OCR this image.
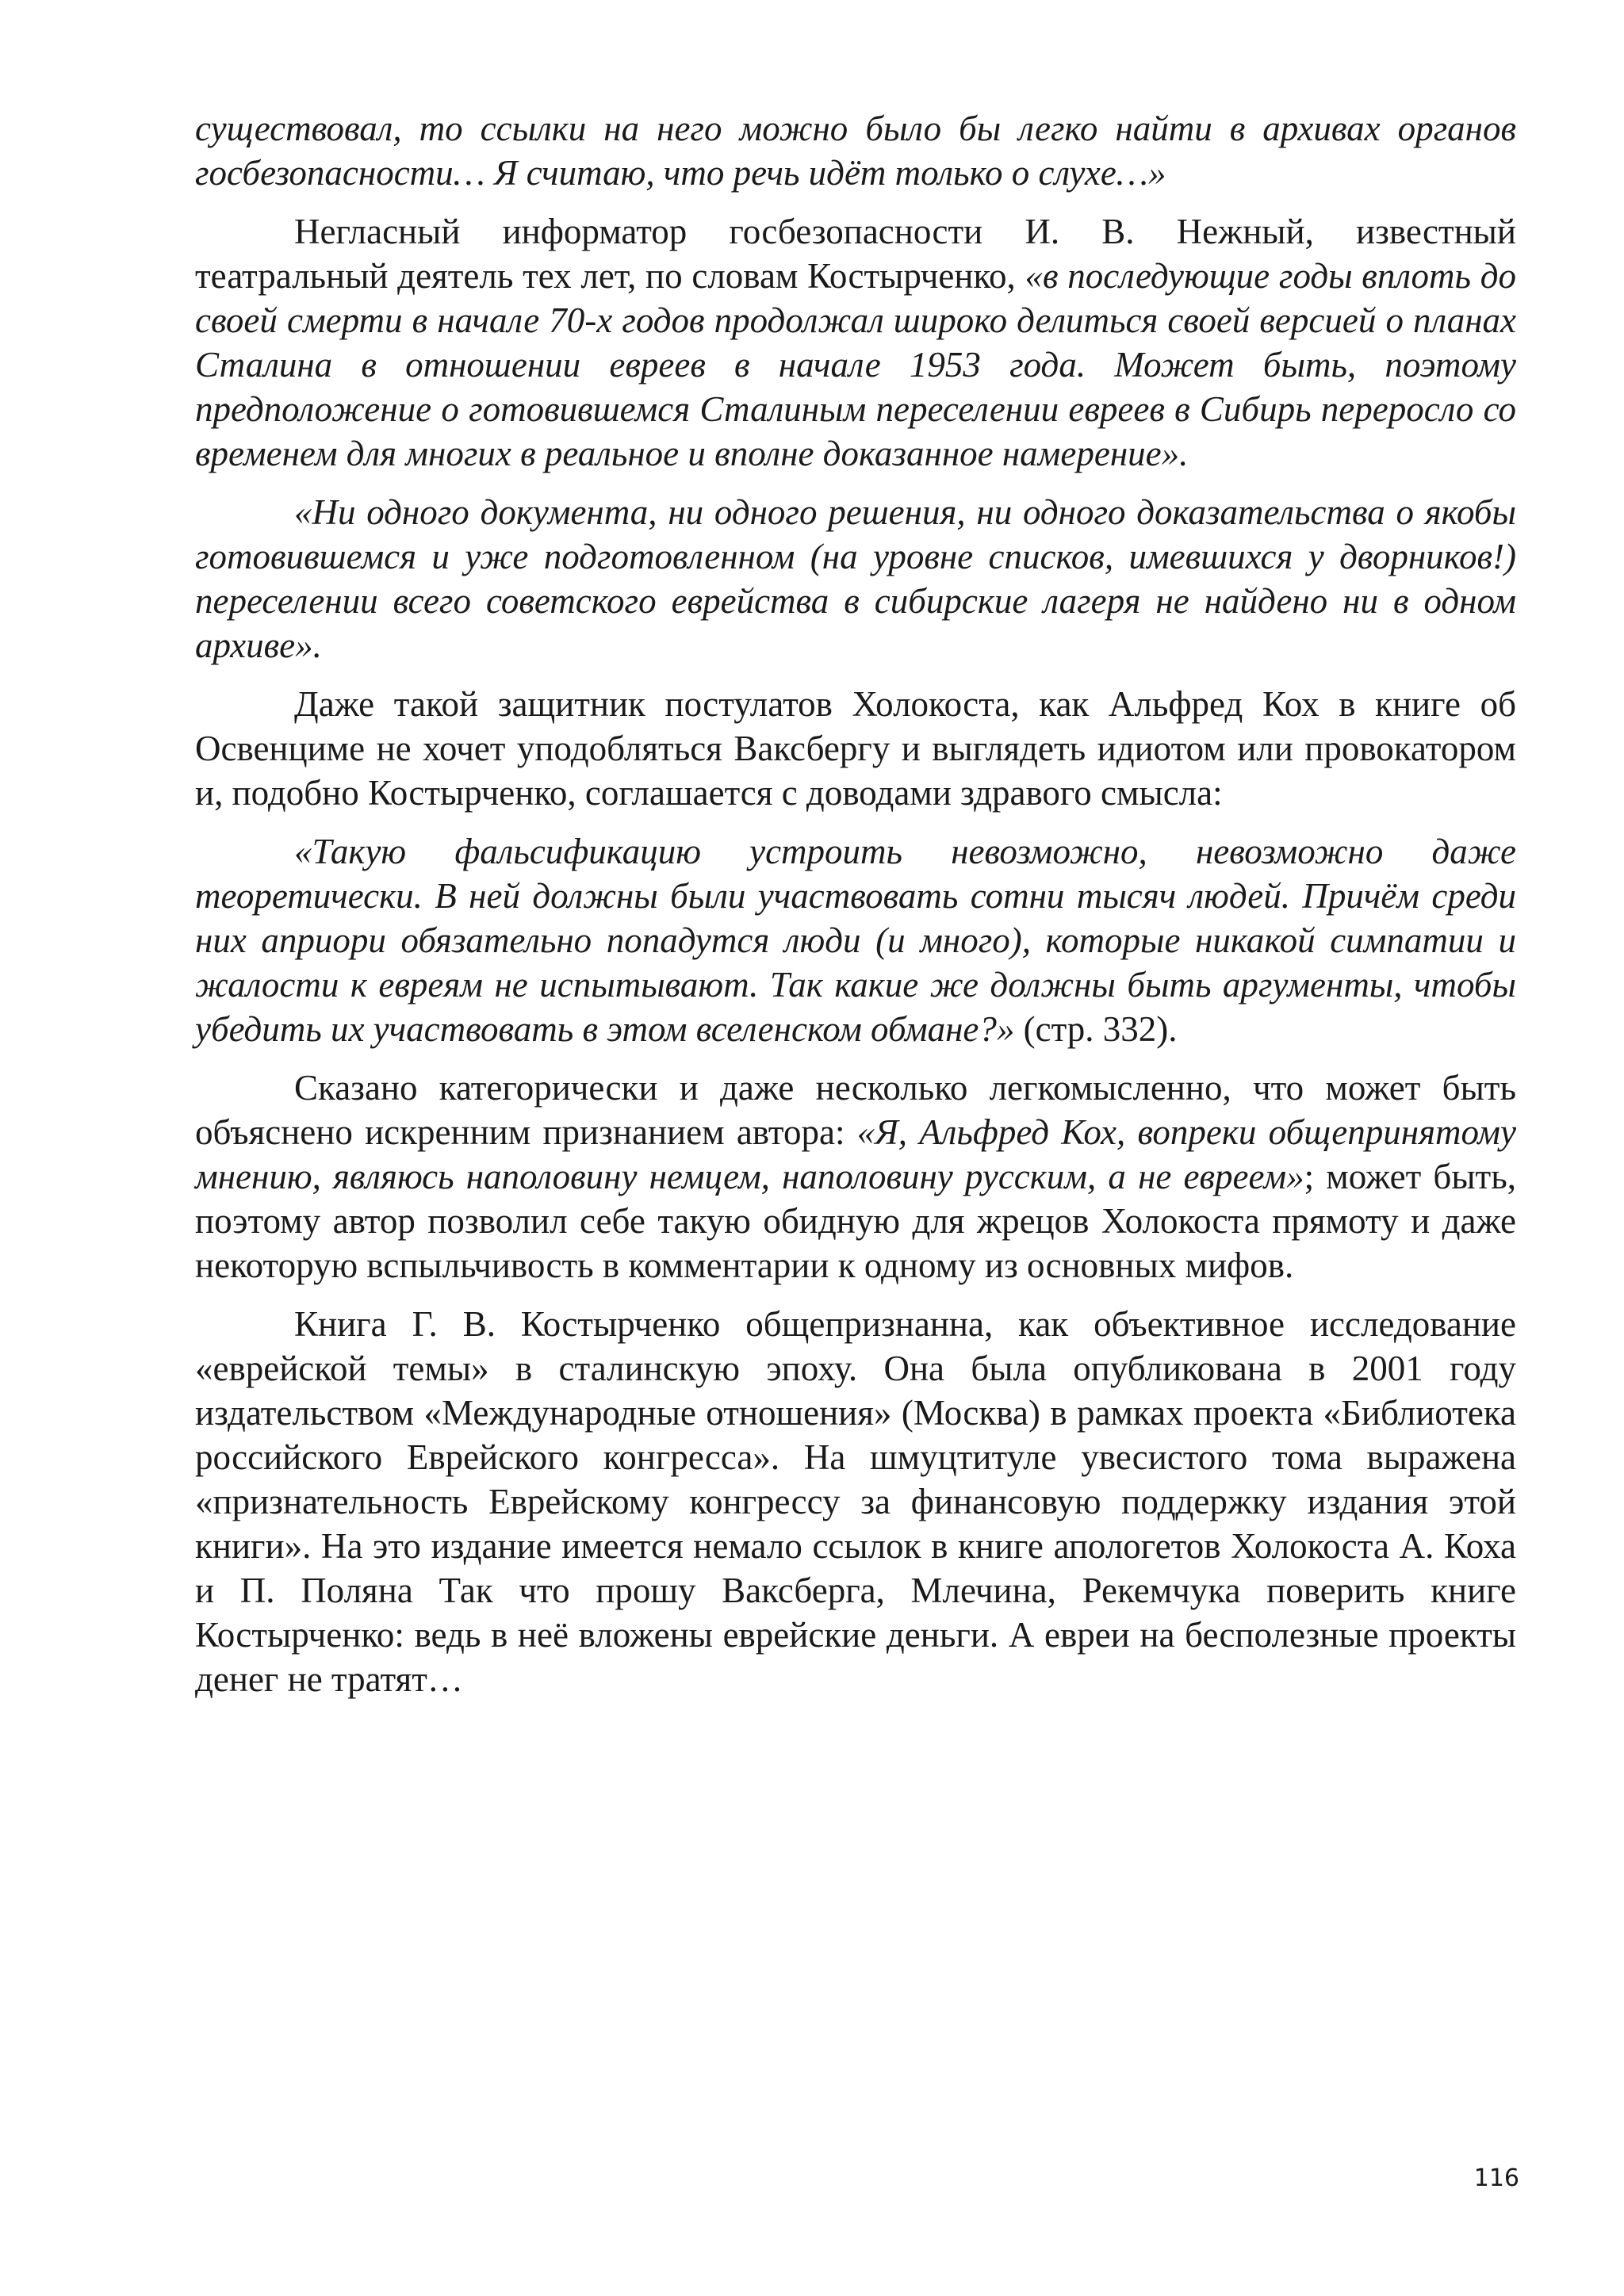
существовал, то ссылки на него можно было бы легко найти в архивах органов госбезопасности… Я считаю, что речь идёт только о слухе…»

Негласный информатор госбезопасности И. В. Нежный, известный театральный деятель тех лет, по словам Костырченко, «в последующие годы вплоть до своей смерти в начале 70-х годов продолжал широко делиться своей версией о планах Сталина в отношении евреев в начале 1953 года. Может быть, поэтому предположение о готовившемся Сталиным переселении евреев в Сибирь переросло со временем для многих в реальное и вполне доказанное намерение».

«Ни одного документа, ни одного решения, ни одного доказательства о якобы готовившемся и уже подготовленном (на уровне списков, имевшихся у дворников!) переселении всего советского еврейства в сибирские лагеря не найдено ни в одном архиве».

Даже такой защитник постулатов Холокоста, как Альфред Кох в книге об Освенциме не хочет уподобляться Ваксбергу и выглядеть идиотом или провокатором и, подобно Костырченко, соглашается с доводами здравого смысла:

«Такую фальсификацию устроить невозможно, невозможно даже теоретически. В ней должны были участвовать сотни тысяч людей. Причём среди них априори обязательно попадутся люди (и много), которые никакой симпатии и жалости к евреям не испытывают. Так какие же должны быть аргументы, чтобы убедить их участвовать в этом вселенском обмане?» (стр. 332).

Сказано категорически и даже несколько легкомысленно, что может быть объяснено искренним признанием автора: «Я, Альфред Кох, вопреки общепринятому мнению, являюсь наполовину немцем, наполовину русским, а не евреем»; может быть, поэтому автор позволил себе такую обидную для жрецов Холокоста прямоту и даже некоторую вспыльчивость в комментарии к одному из основных мифов.

Книга Г. В. Костырченко общепризнанна, как объективное исследование «еврейской темы» в сталинскую эпоху. Она была опубликована в 2001 году издательством «Международные отношения» (Москва) в рамках проекта «Библиотека российского Еврейского конгресса». На шмуцтитуле увесистого тома выражена «признательность Еврейскому конгрессу за финансовую поддержку издания этой книги». На это издание имеется немало ссылок в книге апологетов Холокоста А. Коха и П. Поляна Так что прошу Ваксберга, Млечина, Рекемчука поверить книге Костырченко: ведь в неё вложены еврейские деньги. А евреи на бесполезные проекты денег не тратят…

116
